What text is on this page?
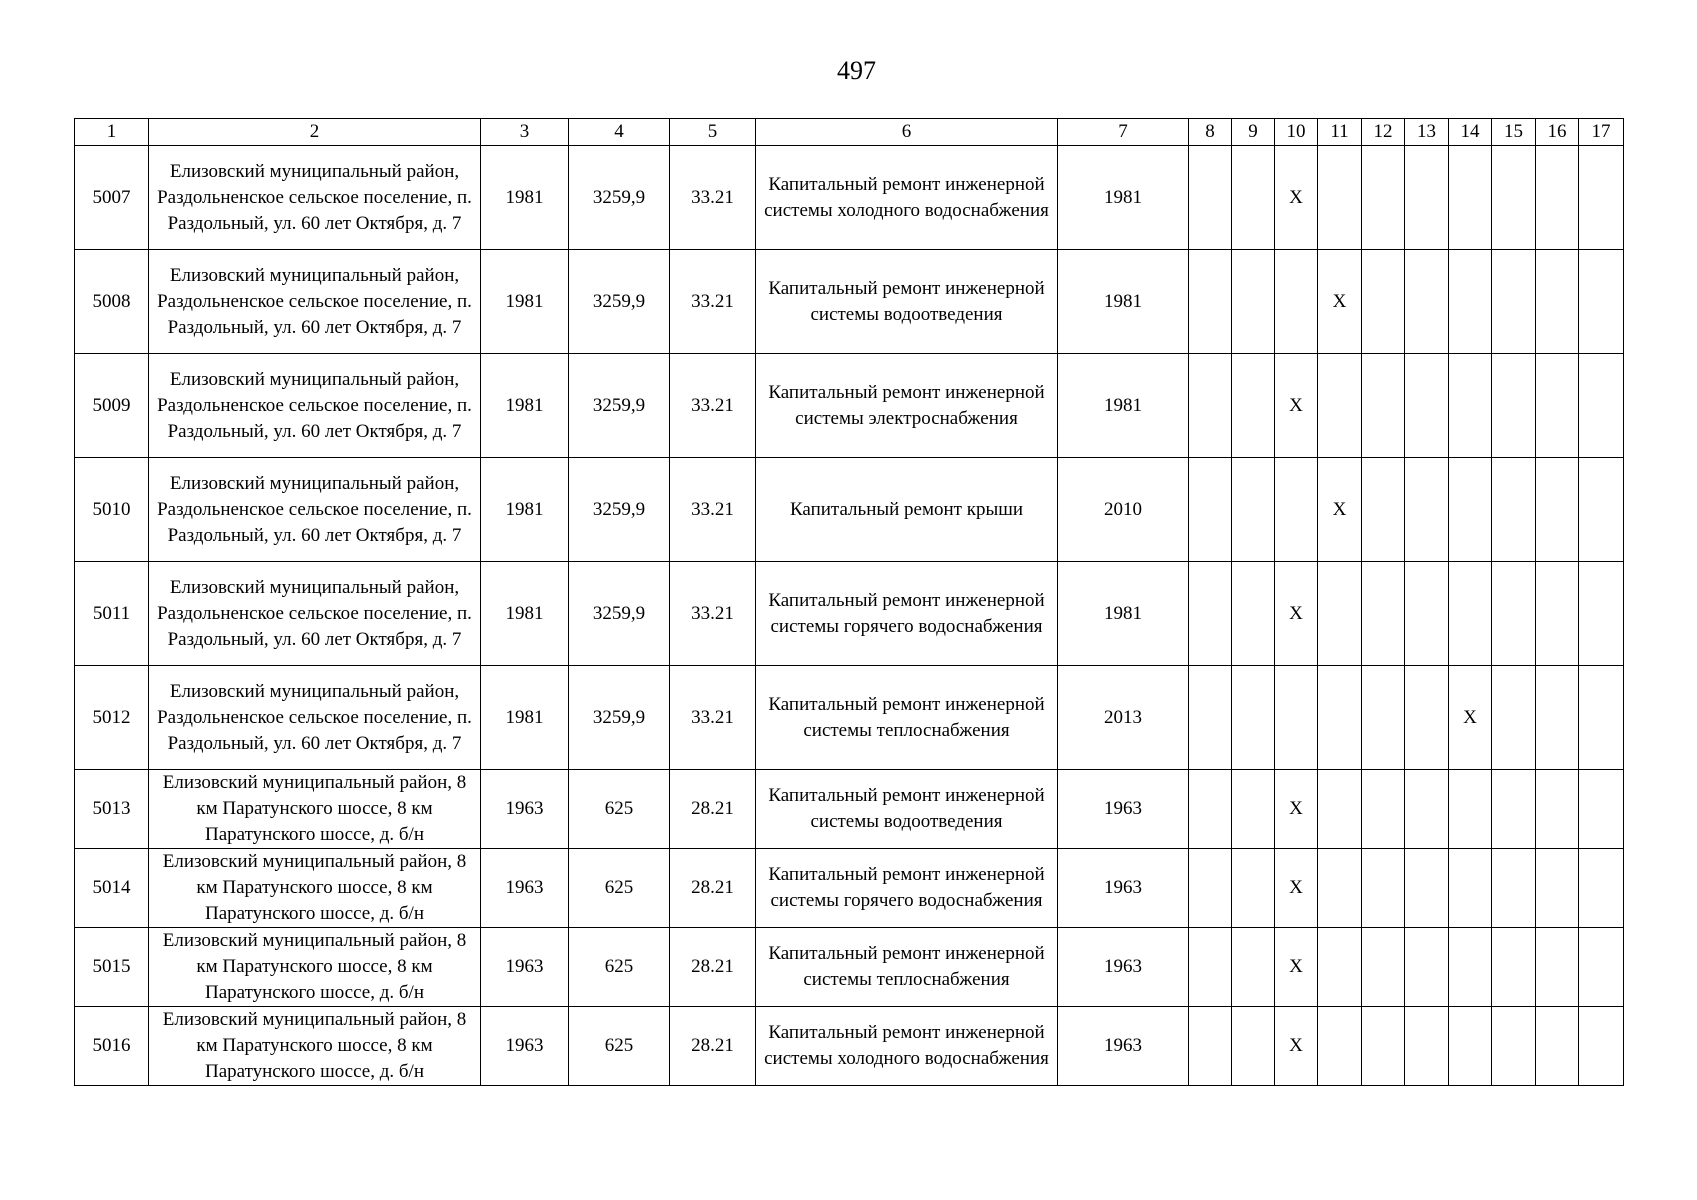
497
1	2	3	4	5	6	7	8	9	10	11	12	13	14	15	16	17
5007	Елизовский муниципальный район, Раздольненское сельское поселение, п. Раздольный, ул. 60 лет Октября, д. 7	1981	3259,9	33.21	Капитальный ремонт инженерной системы холодного водоснабжения	1981			X							
5008	Елизовский муниципальный район, Раздольненское сельское поселение, п. Раздольный, ул. 60 лет Октября, д. 7	1981	3259,9	33.21	Капитальный ремонт инженерной системы водоотведения	1981				X						
5009	Елизовский муниципальный район, Раздольненское сельское поселение, п. Раздольный, ул. 60 лет Октября, д. 7	1981	3259,9	33.21	Капитальный ремонт инженерной системы электроснабжения	1981			X							
5010	Елизовский муниципальный район, Раздольненское сельское поселение, п. Раздольный, ул. 60 лет Октября, д. 7	1981	3259,9	33.21	Капитальный ремонт крыши	2010				X						
5011	Елизовский муниципальный район, Раздольненское сельское поселение, п. Раздольный, ул. 60 лет Октября, д. 7	1981	3259,9	33.21	Капитальный ремонт инженерной системы горячего водоснабжения	1981			X							
5012	Елизовский муниципальный район, Раздольненское сельское поселение, п. Раздольный, ул. 60 лет Октября, д. 7	1981	3259,9	33.21	Капитальный ремонт инженерной системы теплоснабжения	2013							X			
5013	Елизовский муниципальный район, 8 км Паратунского шоссе, 8 км Паратунского шоссе, д. б/н	1963	625	28.21	Капитальный ремонт инженерной системы водоотведения	1963			X							
5014	Елизовский муниципальный район, 8 км Паратунского шоссе, 8 км Паратунского шоссе, д. б/н	1963	625	28.21	Капитальный ремонт инженерной системы горячего водоснабжения	1963			X							
5015	Елизовский муниципальный район, 8 км Паратунского шоссе, 8 км Паратунского шоссе, д. б/н	1963	625	28.21	Капитальный ремонт инженерной системы теплоснабжения	1963			X							
5016	Елизовский муниципальный район, 8 км Паратунского шоссе, 8 км Паратунского шоссе, д. б/н	1963	625	28.21	Капитальный ремонт инженерной системы холодного водоснабжения	1963			X							
